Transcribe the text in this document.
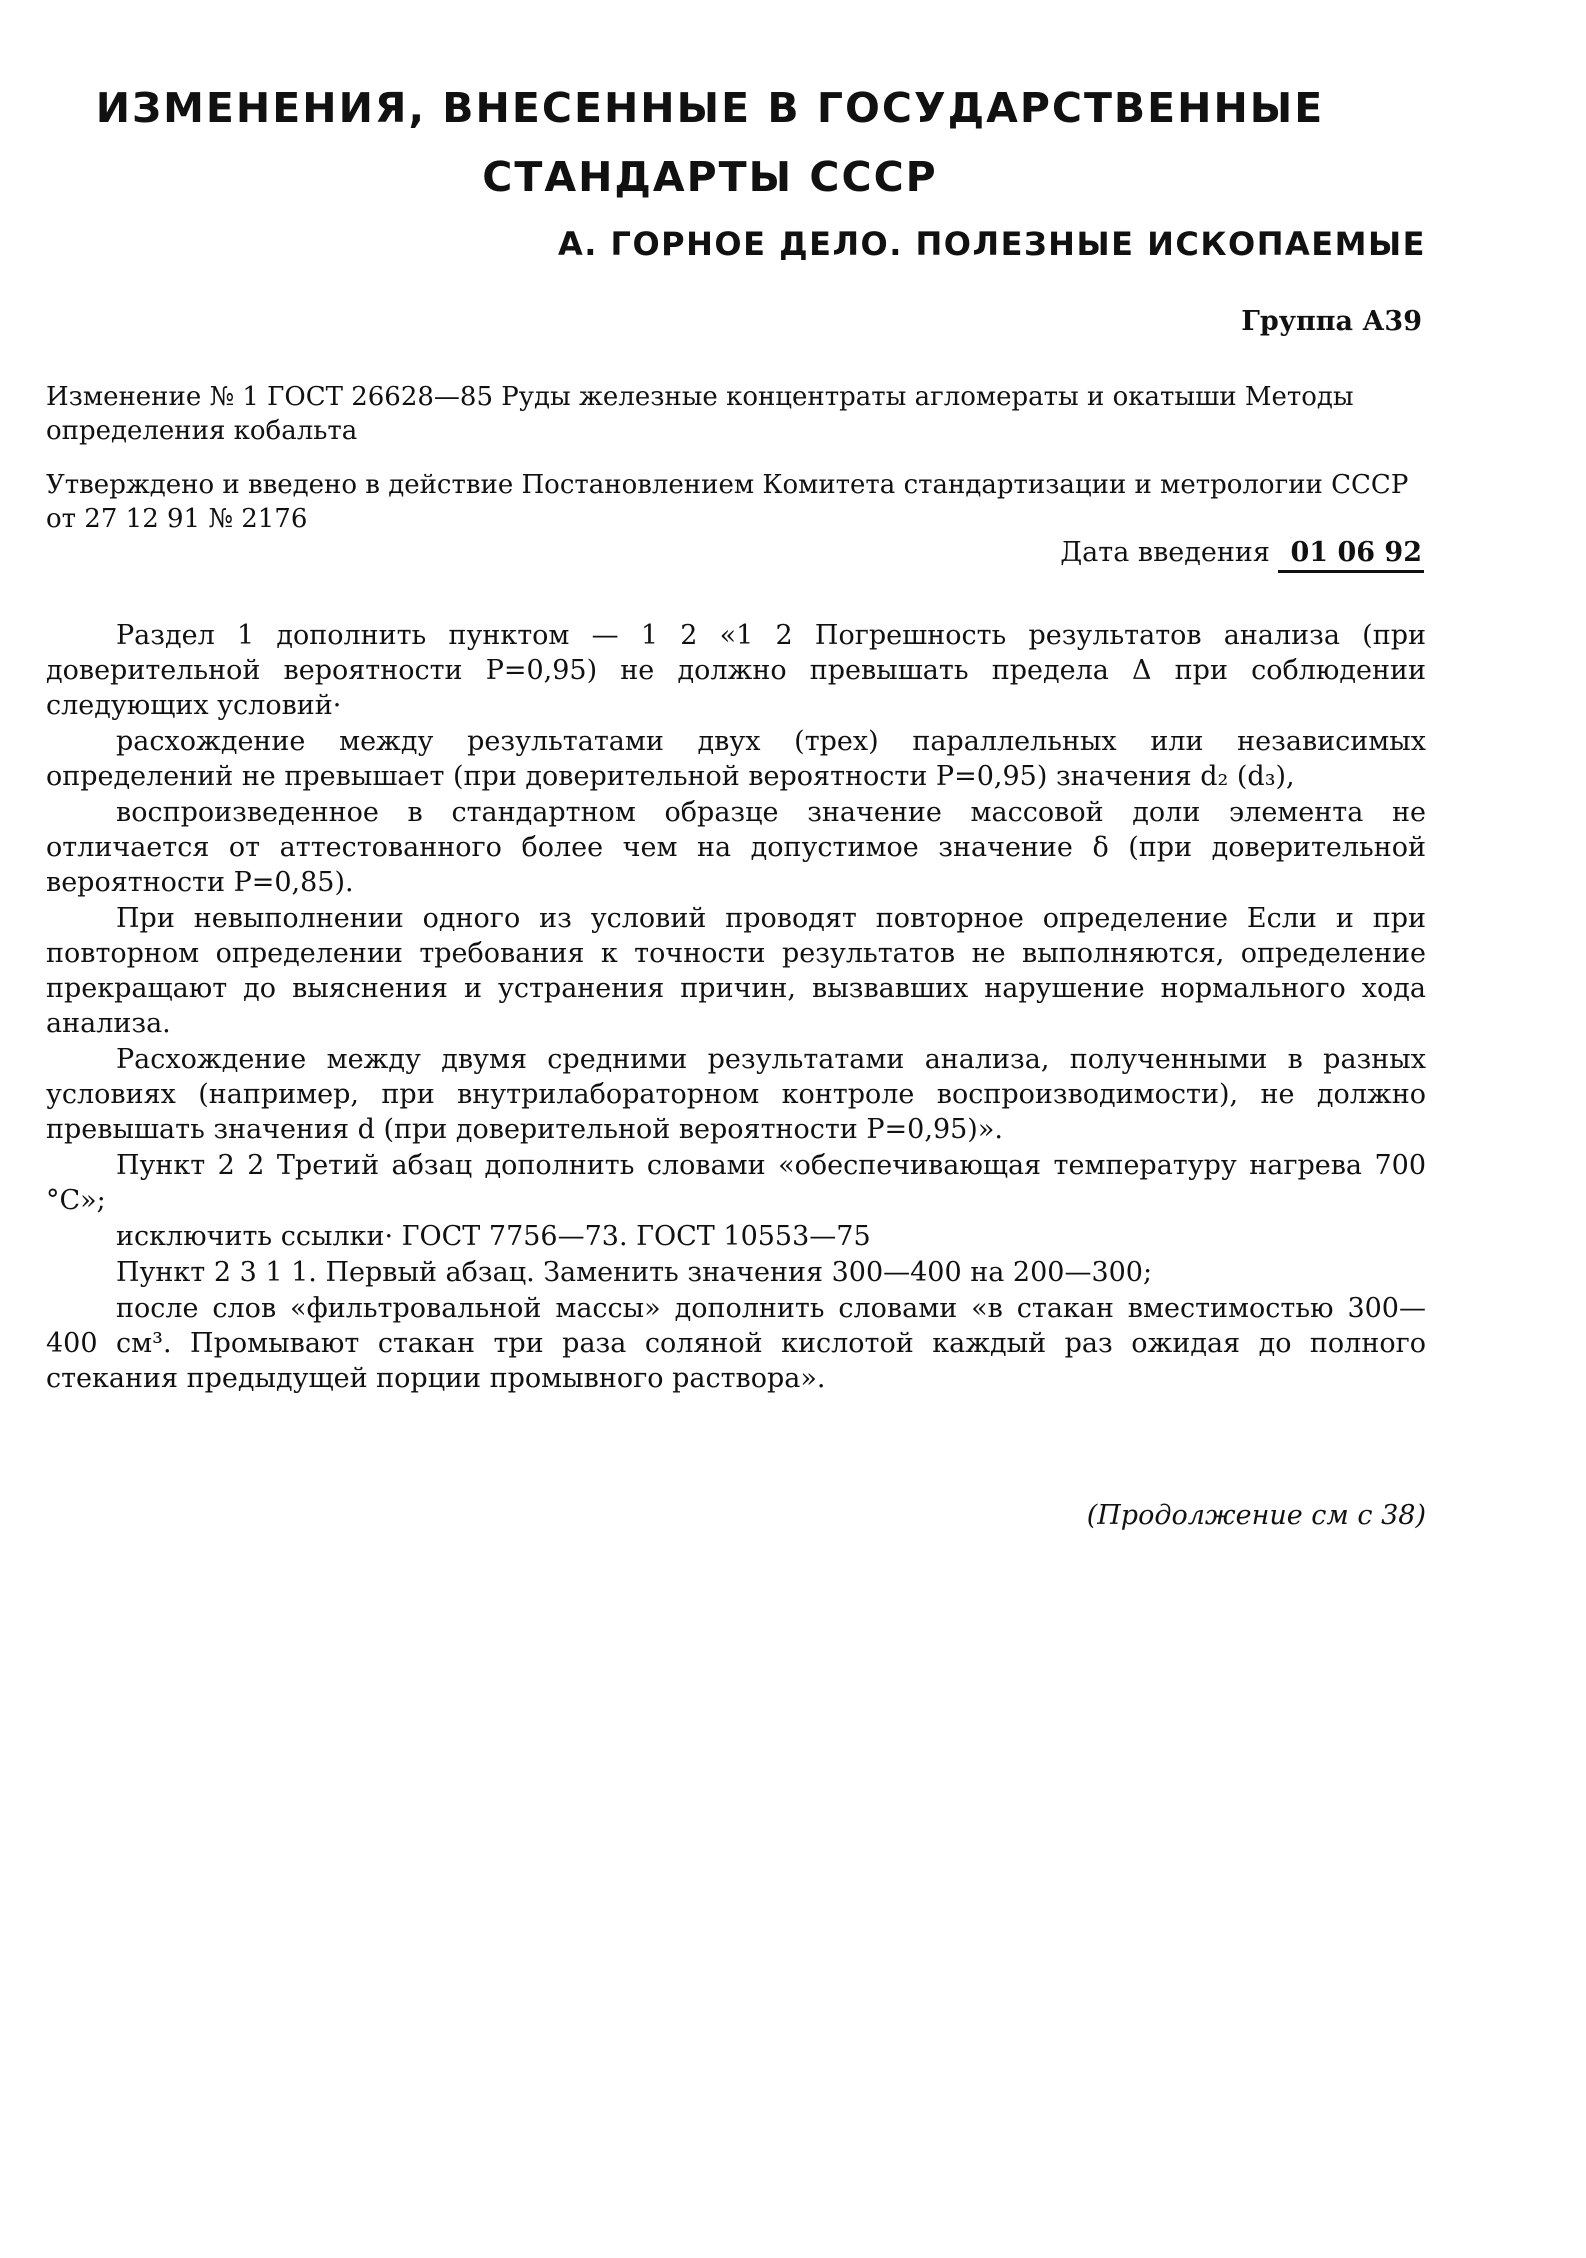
ИЗМЕНЕНИЯ, ВНЕСЕННЫЕ В ГОСУДАРСТВЕННЫЕ
СТАНДАРТЫ СССР
А. ГОРНОЕ ДЕЛО. ПОЛЕЗНЫЕ ИСКОПАЕМЫЕ
Группа А39
Изменение № 1 ГОСТ 26628—85 Руды железные концентраты агломераты и окатыши Методы определения кобальта
Утверждено и введено в действие Постановлением Комитета стандартизации и метрологии СССР от 27 12 91 № 2176
Дата введения 01 06 92

Раздел 1 дополнить пунктом — 1 2 «1 2 Погрешность результатов анализа (при доверительной вероятности P=0,95) не должно превышать предела Δ при соблюдении следующих условий·

расхождение между результатами двух (трех) параллельных или независимых определений не превышает (при доверительной вероятности P=0,95) значения d₂ (d₃),

воспроизведенное в стандартном образце значение массовой доли элемента не отличается от аттестованного более чем на допустимое значение δ (при доверительной вероятности P=0,85).

При невыполнении одного из условий проводят повторное определение Если и при повторном определении требования к точности результатов не выполняются, определение прекращают до выяснения и устранения причин, вызвавших нарушение нормального хода анализа.

Расхождение между двумя средними результатами анализа, полученными в разных условиях (например, при внутрилабораторном контроле воспроизводимости), не должно превышать значения d (при доверительной вероятности P=0,95)».

Пункт 2 2 Третий абзац дополнить словами «обеспечивающая температуру нагрева 700 °С»;

исключить ссылки· ГОСТ 7756—73. ГОСТ 10553—75

Пункт 2 3 1 1. Первый абзац. Заменить значения 300—400 на 200—300;

после слов «фильтровальной массы» дополнить словами «в стакан вместимостью 300—400 см³. Промывают стакан три раза соляной кислотой каждый раз ожидая до полного стекания предыдущей порции промывного раствора».

(Продолжение см с 38)
